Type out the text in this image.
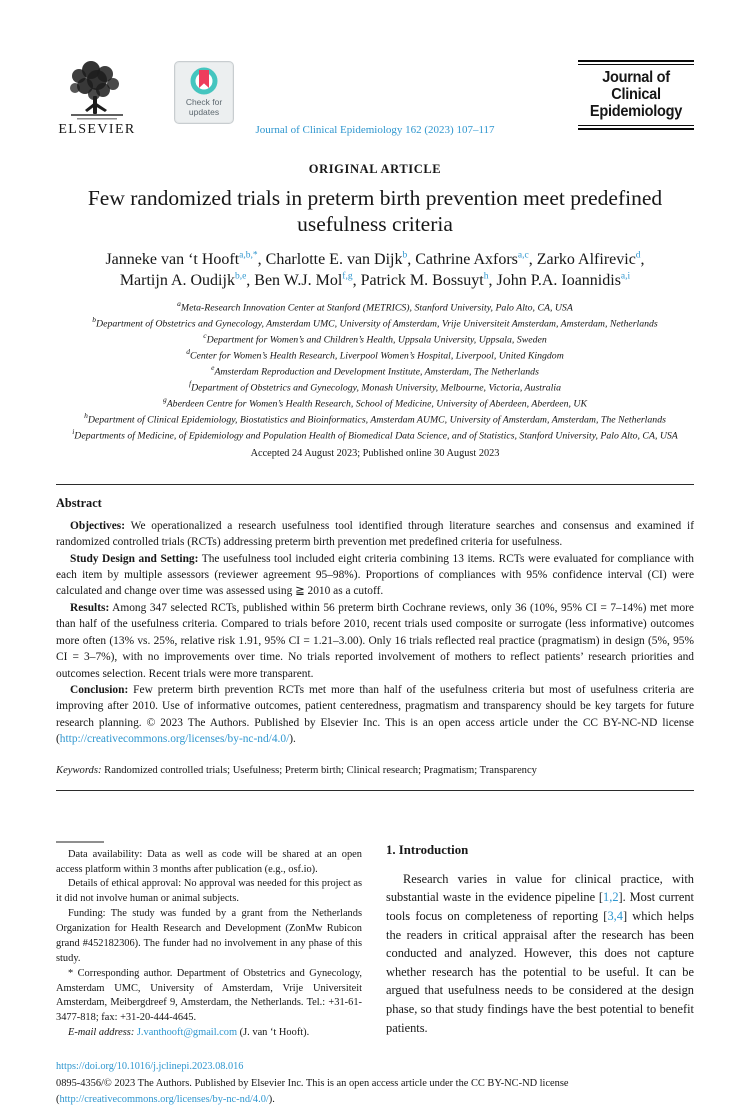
ELSEVIER
Check for
updates
Journal of Clinical Epidemiology 162 (2023) 107–117
Journal of
Clinical
Epidemiology
ORIGINAL ARTICLE
Few randomized trials in preterm birth prevention meet predefined usefulness criteria
Janneke van ‘t Hooft$^{a,b,*}$, Charlotte E. van Dijk$^b$, Cathrine Axfors$^{a,c}$, Zarko Alfirevic$^d$,
Martijn A. Oudijk$^{b,e}$, Ben W.J. Mol$^{f,g}$, Patrick M. Bossuyt$^h$, John P.A. Ioannidis$^{a,i}$
$^a$Meta-Research Innovation Center at Stanford (METRICS), Stanford University, Palo Alto, CA, USA
$^b$Department of Obstetrics and Gynecology, Amsterdam UMC, University of Amsterdam, Vrije Universiteit Amsterdam, Amsterdam, Netherlands
$^c$Department for Women’s and Children’s Health, Uppsala University, Uppsala, Sweden
$^d$Center for Women’s Health Research, Liverpool Women’s Hospital, Liverpool, United Kingdom
$^e$Amsterdam Reproduction and Development Institute, Amsterdam, The Netherlands
$^f$Department of Obstetrics and Gynecology, Monash University, Melbourne, Victoria, Australia
$^g$Aberdeen Centre for Women’s Health Research, School of Medicine, University of Aberdeen, Aberdeen, UK
$^h$Department of Clinical Epidemiology, Biostatistics and Bioinformatics, Amsterdam AUMC, University of Amsterdam, Amsterdam, The Netherlands
$^i$Departments of Medicine, of Epidemiology and Population Health of Biomedical Data Science, and of Statistics, Stanford University, Palo Alto, CA, USA
Accepted 24 August 2023; Published online 30 August 2023
Abstract

Objectives: We operationalized a research usefulness tool identified through literature searches and consensus and examined if randomized controlled trials (RCTs) addressing preterm birth prevention met predefined criteria for usefulness.

Study Design and Setting: The usefulness tool included eight criteria combining 13 items. RCTs were evaluated for compliance with each item by multiple assessors (reviewer agreement 95–98%). Proportions of compliances with 95% confidence interval (CI) were calculated and change over time was assessed using ≧ 2010 as a cutoff.

Results: Among 347 selected RCTs, published within 56 preterm birth Cochrane reviews, only 36 (10%, 95% CI = 7–14%) met more than half of the usefulness criteria. Compared to trials before 2010, recent trials used composite or surrogate (less informative) outcomes more often (13% vs. 25%, relative risk 1.91, 95% CI = 1.21–3.00). Only 16 trials reflected real practice (pragmatism) in design (5%, 95% CI = 3–7%), with no improvements over time. No trials reported involvement of mothers to reflect patients’ research priorities and outcomes selection. Recent trials were more transparent.

Conclusion: Few preterm birth prevention RCTs met more than half of the usefulness criteria but most of usefulness criteria are improving after 2010. Use of informative outcomes, patient centeredness, pragmatism and transparency should be key targets for future research planning. © 2023 The Authors. Published by Elsevier Inc. This is an open access article under the CC BY-NC-ND license (http://creativecommons.org/licenses/by-nc-nd/4.0/).

Keywords: Randomized controlled trials; Usefulness; Preterm birth; Clinical research; Pragmatism; Transparency

Data availability: Data as well as code will be shared at an open access platform within 3 months after publication (e.g., osf.io).

Details of ethical approval: No approval was needed for this project as it did not involve human or animal subjects.

Funding: The study was funded by a grant from the Netherlands Organization for Health Research and Development (ZonMw Rubicon grand #452182306). The funder had no involvement in any phase of this study.

* Corresponding author. Department of Obstetrics and Gynecology, Amsterdam UMC, University of Amsterdam, Vrije Universiteit Amsterdam, Meibergdreef 9, Amsterdam, the Netherlands. Tel.: +31-61-3477-818; fax: +31-20-444-4645.

E-mail address: J.vanthooft@gmail.com (J. van ‘t Hooft).

1. Introduction

Research varies in value for clinical practice, with substantial waste in the evidence pipeline [1,2]. Most current tools focus on completeness of reporting [3,4] which helps the readers in critical appraisal after the research has been conducted and analyzed. However, this does not capture whether research has the potential to be useful. It can be argued that usefulness needs to be considered at the design phase, so that study findings have the best potential to benefit patients.

https://doi.org/10.1016/j.jclinepi.2023.08.016
0895-4356/© 2023 The Authors. Published by Elsevier Inc. This is an open access article under the CC BY-NC-ND license (http://creativecommons.org/licenses/by-nc-nd/4.0/).
